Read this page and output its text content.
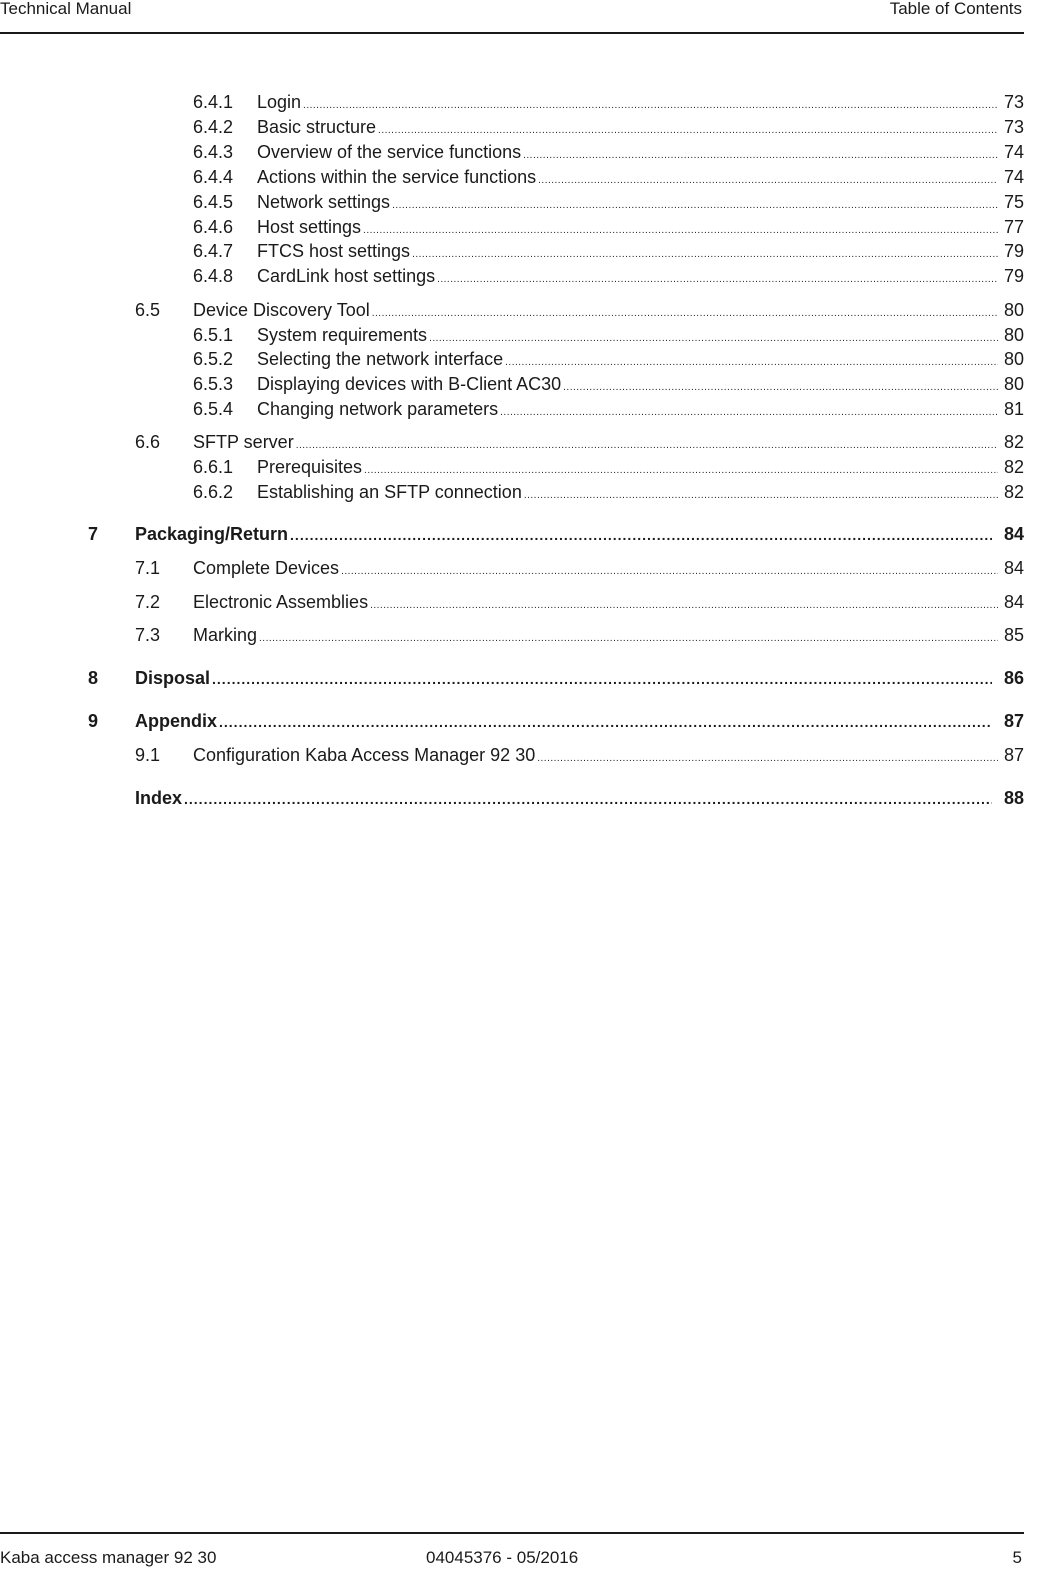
Technical Manual	Table of Contents
6.4.1 Login .....	73
6.4.2 Basic structure .....	73
6.4.3 Overview of the service functions .....	74
6.4.4 Actions within the service functions .....	74
6.4.5 Network settings .....	75
6.4.6 Host settings .....	77
6.4.7 FTCS host settings .....	79
6.4.8 CardLink host settings .....	79
6.5 Device Discovery Tool .....	80
6.5.1 System requirements .....	80
6.5.2 Selecting the network interface .....	80
6.5.3 Displaying devices with B-Client AC30 .....	80
6.5.4 Changing network parameters .....	81
6.6 SFTP server .....	82
6.6.1 Prerequisites .....	82
6.6.2 Establishing an SFTP connection .....	82
7 Packaging/Return .....	84
7.1 Complete Devices .....	84
7.2 Electronic Assemblies .....	84
7.3 Marking .....	85
8 Disposal .....	86
9 Appendix .....	87
9.1 Configuration Kaba Access Manager 92 30 .....	87
Index .....	88
Kaba access manager 92 30	04045376 - 05/2016	5
